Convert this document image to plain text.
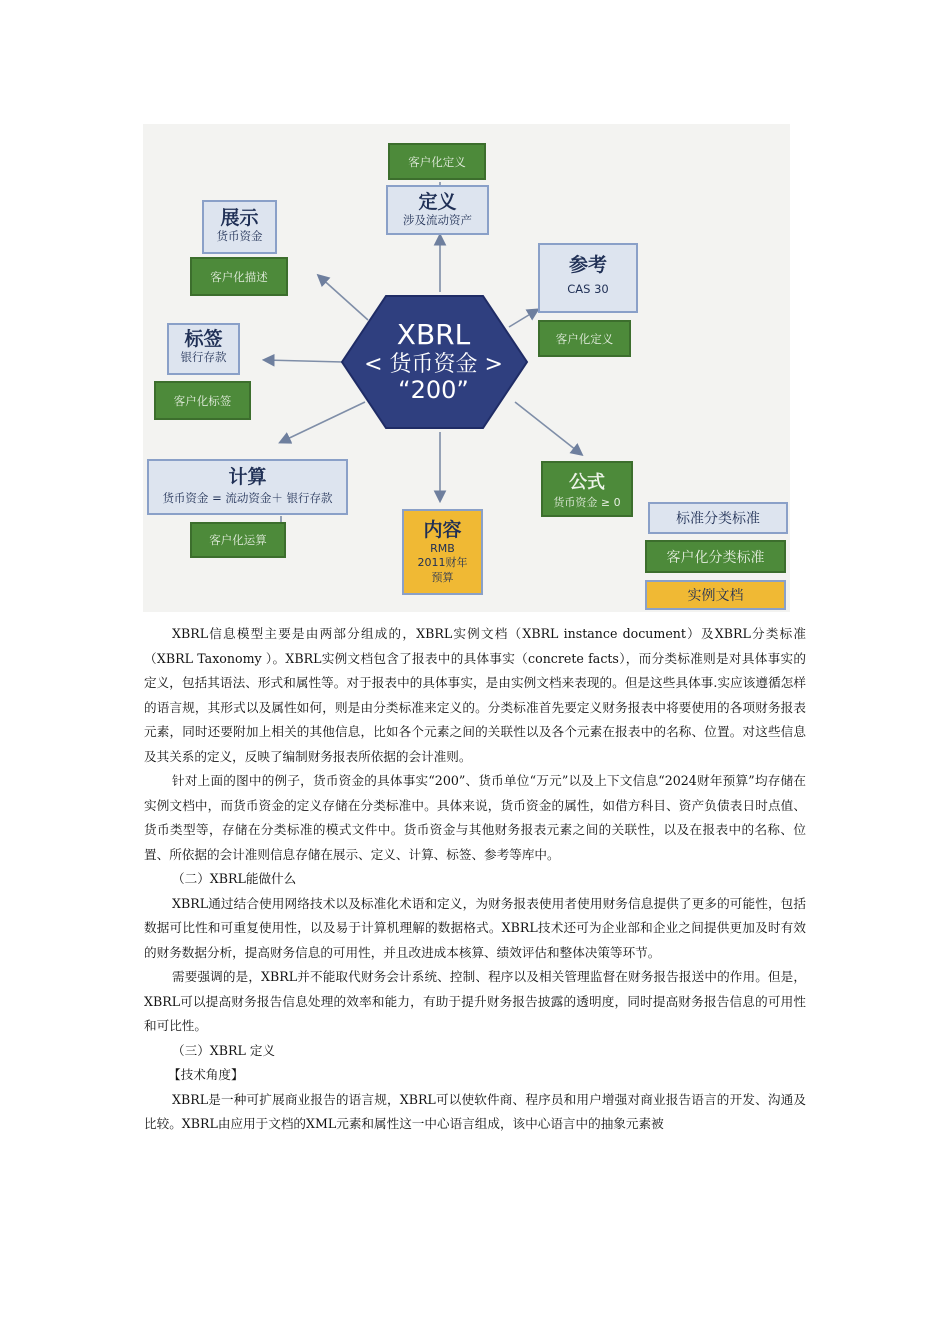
XBRL
< 货币资金 >
“200”
客户化定义
定义
涉及流动资产
展示
货币资金
客户化描述
参考
CAS 30
客户化定义
标签
银行存款
客户化标签
计算
货币资金 = 流动资金＋ 银行存款
客户化运算	内容
RMB
2011财年
预算
公式
货币资金 ≥ 0
标准分类标准
客户化分类标准
实例文档

XBRL信息模型主要是由两部分组成的，XBRL实例文档（XBRL instance document）及XBRL分类标准（XBRL Taxonomy ）。XBRL实例文档包含了报表中的具体事实（concrete facts），而分类标准则是对具体事实的定义，包括其语法、形式和属性等。对于报表中的具体事实，是由实例文档来表现的。但是这些具体事.实应该遵循怎样的语言规，其形式以及属性如何，则是由分类标准来定义的。分类标准首先要定义财务报表中将要使用的各项财务报表元素，同时还要附加上相关的其他信息，比如各个元素之间的关联性以及各个元素在报表中的名称、位置。对这些信息及其关系的定义，反映了编制财务报表所依据的会计准则。

针对上面的图中的例子，货币资金的具体事实“200”、货币单位“万元”以及上下文信息“2024财年预算”均存储在实例文档中，而货币资金的定义存储在分类标准中。具体来说，货币资金的属性，如借方科目、资产负债表日时点值、货币类型等，存储在分类标准的模式文件中。货币资金与其他财务报表元素之间的关联性，以及在报表中的名称、位置、所依据的会计准则信息存储在展示、定义、计算、标签、参考等库中。

（二）XBRL能做什么

XBRL通过结合使用网络技术以及标准化术语和定义，为财务报表使用者使用财务信息提供了更多的可能性，包括数据可比性和可重复使用性，以及易于计算机理解的数据格式。XBRL技术还可为企业部和企业之间提供更加及时有效的财务数据分析，提高财务信息的可用性，并且改进成本核算、绩效评估和整体决策等环节。

需要强调的是，XBRL并不能取代财务会计系统、控制、程序以及相关管理监督在财务报告报送中的作用。但是，XBRL可以提高财务报告信息处理的效率和能力，有助于提升财务报告披露的透明度，同时提高财务报告信息的可用性和可比性。

（三）XBRL 定义

【技术角度】

XBRL是一种可扩展商业报告的语言规，XBRL可以使软件商、程序员和用户增强对商业报告语言的开发、沟通及比较。XBRL由应用于文档的XML元素和属性这一中心语言组成，该中心语言中的抽象元素被
